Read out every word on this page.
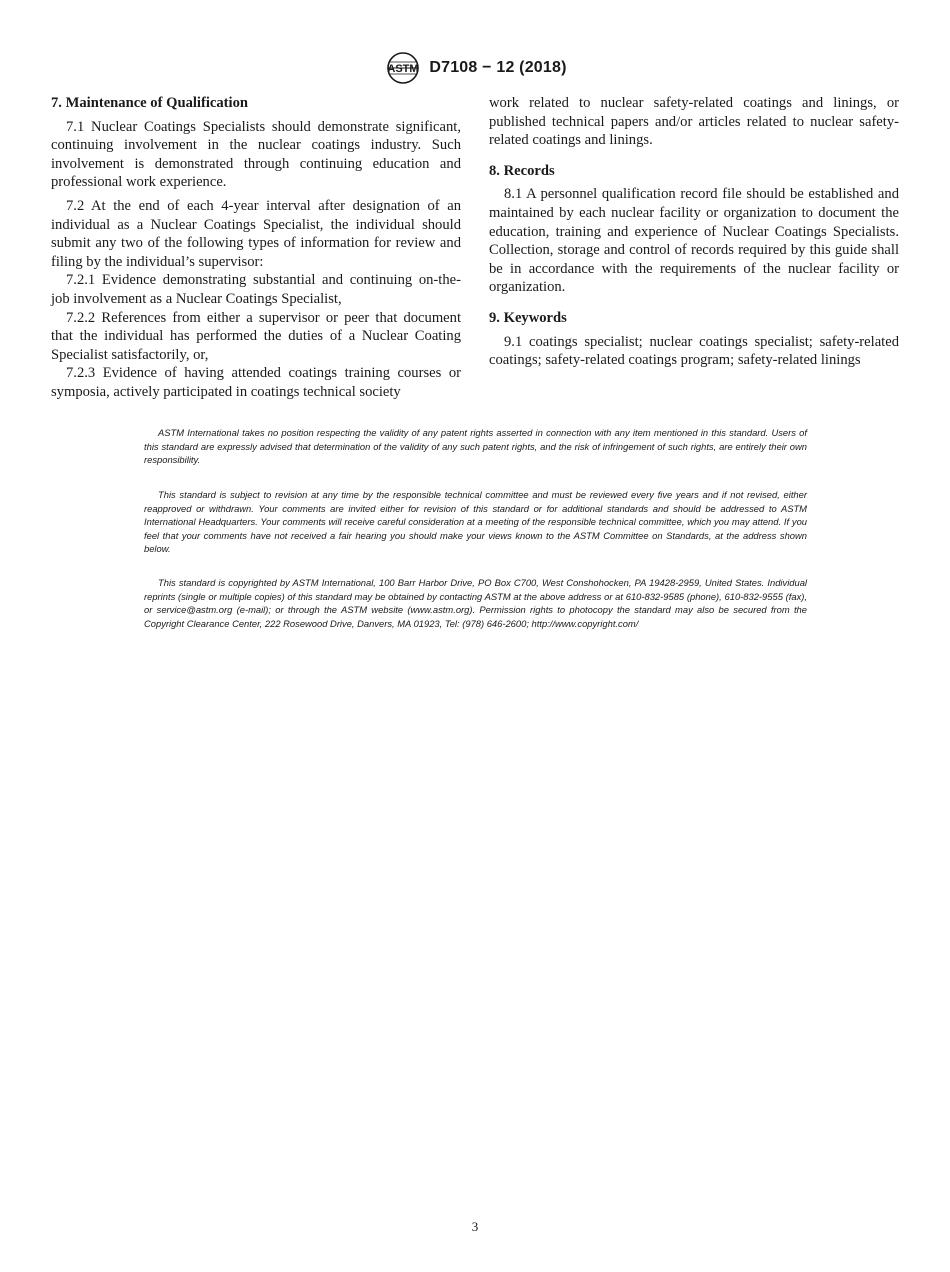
ASTM D7108 − 12 (2018)
7. Maintenance of Qualification

7.1 Nuclear Coatings Specialists should demonstrate significant, continuing involvement in the nuclear coatings industry. Such involvement is demonstrated through continuing education and professional work experience.

7.2 At the end of each 4-year interval after designation of an individual as a Nuclear Coatings Specialist, the individual should submit any two of the following types of information for review and filing by the individual’s supervisor:

7.2.1 Evidence demonstrating substantial and continuing on-the-job involvement as a Nuclear Coatings Specialist,

7.2.2 References from either a supervisor or peer that document that the individual has performed the duties of a Nuclear Coating Specialist satisfactorily, or,

7.2.3 Evidence of having attended coatings training courses or symposia, actively participated in coatings technical society

work related to nuclear safety-related coatings and linings, or published technical papers and/or articles related to nuclear safety-related coatings and linings.

8. Records

8.1 A personnel qualification record file should be established and maintained by each nuclear facility or organization to document the education, training and experience of Nuclear Coatings Specialists. Collection, storage and control of records required by this guide shall be in accordance with the requirements of the nuclear facility or organization.

9. Keywords

9.1 coatings specialist; nuclear coatings specialist; safety-related coatings; safety-related coatings program; safety-related linings

ASTM International takes no position respecting the validity of any patent rights asserted in connection with any item mentioned in this standard. Users of this standard are expressly advised that determination of the validity of any such patent rights, and the risk of infringement of such rights, are entirely their own responsibility.

This standard is subject to revision at any time by the responsible technical committee and must be reviewed every five years and if not revised, either reapproved or withdrawn. Your comments are invited either for revision of this standard or for additional standards and should be addressed to ASTM International Headquarters. Your comments will receive careful consideration at a meeting of the responsible technical committee, which you may attend. If you feel that your comments have not received a fair hearing you should make your views known to the ASTM Committee on Standards, at the address shown below.

This standard is copyrighted by ASTM International, 100 Barr Harbor Drive, PO Box C700, West Conshohocken, PA 19428-2959, United States. Individual reprints (single or multiple copies) of this standard may be obtained by contacting ASTM at the above address or at 610-832-9585 (phone), 610-832-9555 (fax), or service@astm.org (e-mail); or through the ASTM website (www.astm.org). Permission rights to photocopy the standard may also be secured from the Copyright Clearance Center, 222 Rosewood Drive, Danvers, MA 01923, Tel: (978) 646-2600; http://www.copyright.com/

3
